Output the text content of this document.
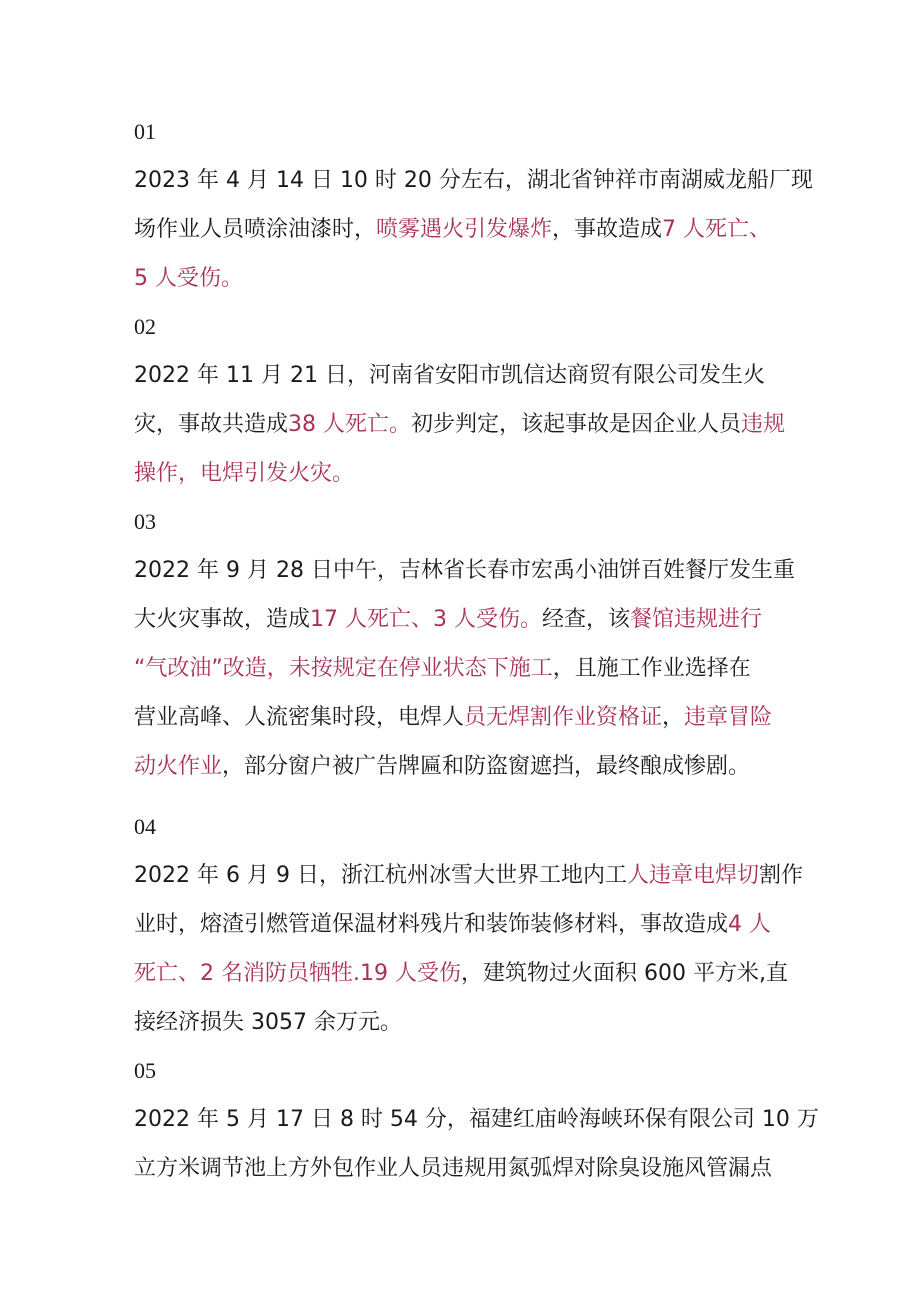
01
2023 年 4 月 14 日 10 时 20 分左右，湖北省钟祥市南湖威龙船厂现
场作业人员喷涂油漆时，喷雾遇火引发爆炸，事故造成7 人死亡、
5 人受伤。
02
2022 年 11 月 21 日，河南省安阳市凯信达商贸有限公司发生火
灾，事故共造成38 人死亡。初步判定，该起事故是因企业人员违规
操作，电焊引发火灾。
03
2022 年 9 月 28 日中午，吉林省长春市宏禹小油饼百姓餐厅发生重
大火灾事故，造成17 人死亡、3 人受伤。经查，该餐馆违规进行
“气改油”改造，未按规定在停业状态下施工，且施工作业选择在
营业高峰、人流密集时段，电焊人员无焊割作业资格证，违章冒险
动火作业，部分窗户被广告牌匾和防盗窗遮挡，最终酿成惨剧。
04
2022 年 6 月 9 日，浙江杭州冰雪大世界工地内工人违章电焊切割作
业时，熔渣引燃管道保温材料残片和装饰装修材料，事故造成4 人
死亡、2 名消防员牺牲.19 人受伤，建筑物过火面积 600 平方米,直
接经济损失 3057 余万元。
05
2022 年 5 月 17 日 8 时 54 分，福建红庙岭海峡环保有限公司 10 万
立方米调节池上方外包作业人员违规用氮弧焊对除臭设施风管漏点
